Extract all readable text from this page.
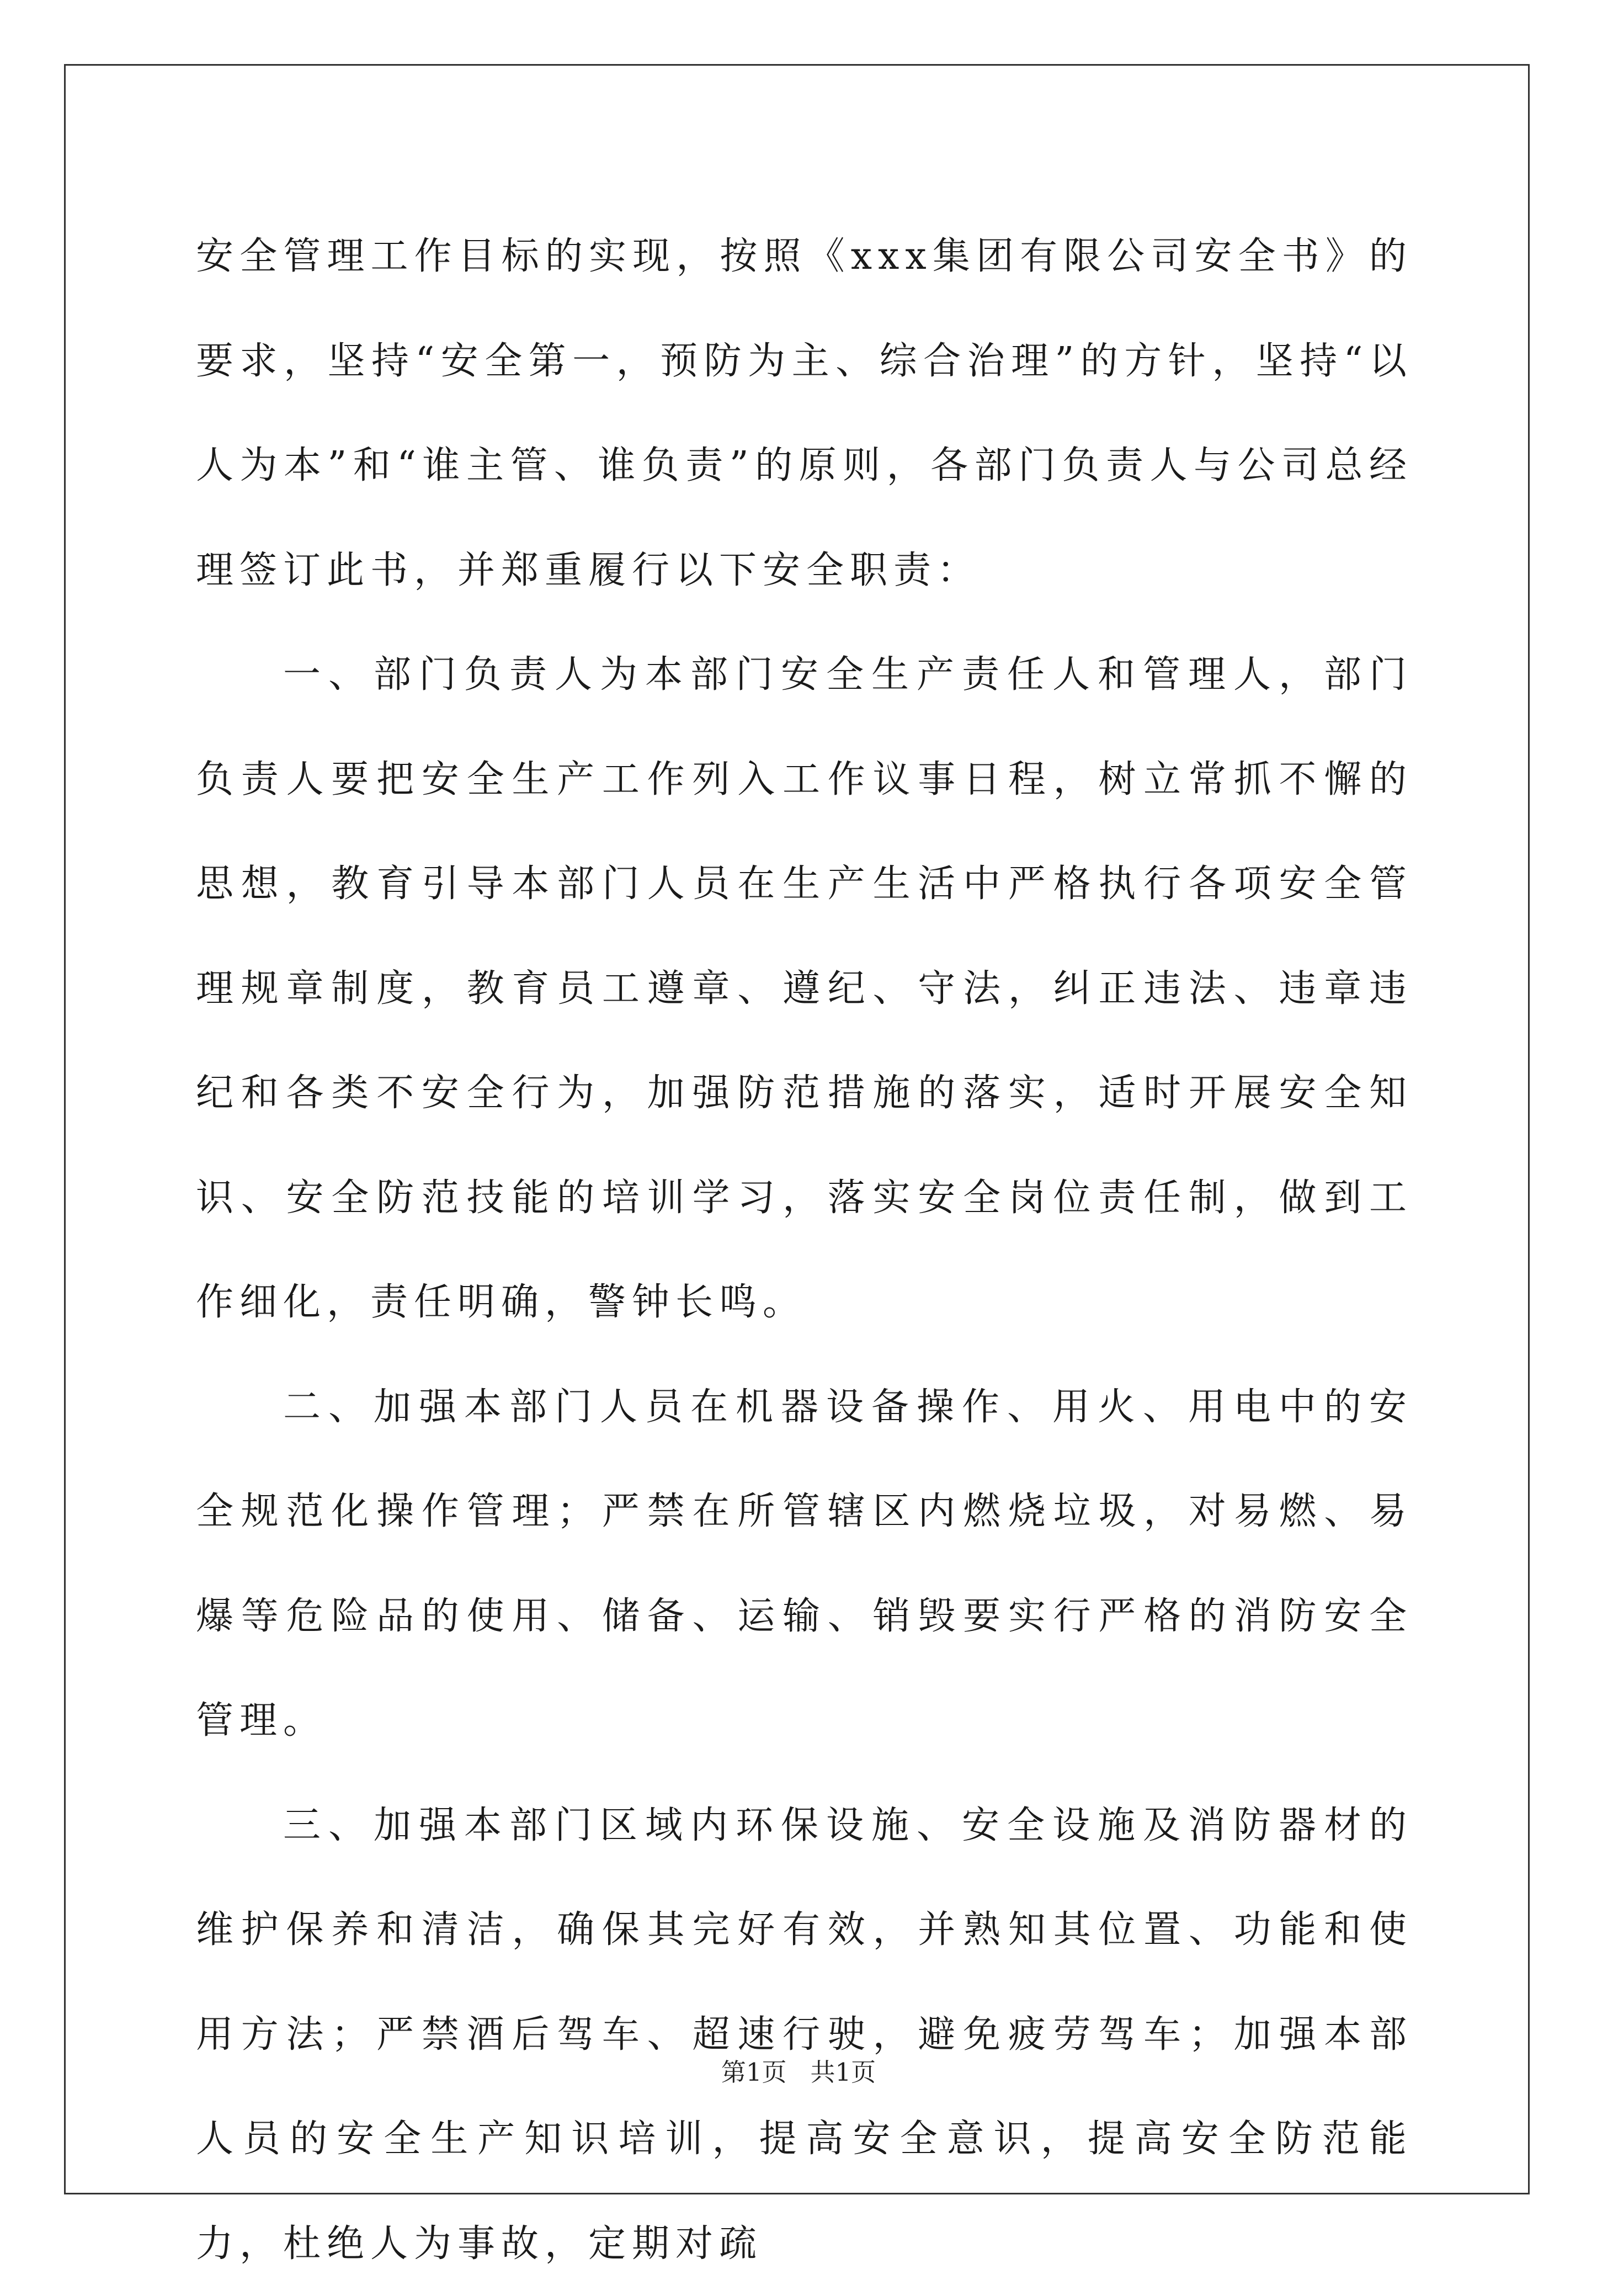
安全管理工作目标的实现，按照《xxx集团有限公司安全书》的要求，坚持“安全第一，预防为主、综合治理”的方针，坚持“以人为本”和“谁主管、谁负责”的原则，各部门负责人与公司总经理签订此书，并郑重履行以下安全职责：

一、部门负责人为本部门安全生产责任人和管理人，部门负责人要把安全生产工作列入工作议事日程，树立常抓不懈的思想，教育引导本部门人员在生产生活中严格执行各项安全管理规章制度，教育员工遵章、遵纪、守法，纠正违法、违章违纪和各类不安全行为，加强防范措施的落实，适时开展安全知识、安全防范技能的培训学习，落实安全岗位责任制，做到工作细化，责任明确，警钟长鸣。

二、加强本部门人员在机器设备操作、用火、用电中的安全规范化操作管理；严禁在所管辖区内燃烧垃圾，对易燃、易爆等危险品的使用、储备、运输、销毁要实行严格的消防安全管理。

三、加强本部门区域内环保设施、安全设施及消防器材的维护保养和清洁，确保其完好有效，并熟知其位置、功能和使用方法；严禁酒后驾车、超速行驶，避免疲劳驾车；加强本部人员的安全生产知识培训，提高安全意识，提高安全防范能力，杜绝人为事故，定期对疏

第1页   共1页
